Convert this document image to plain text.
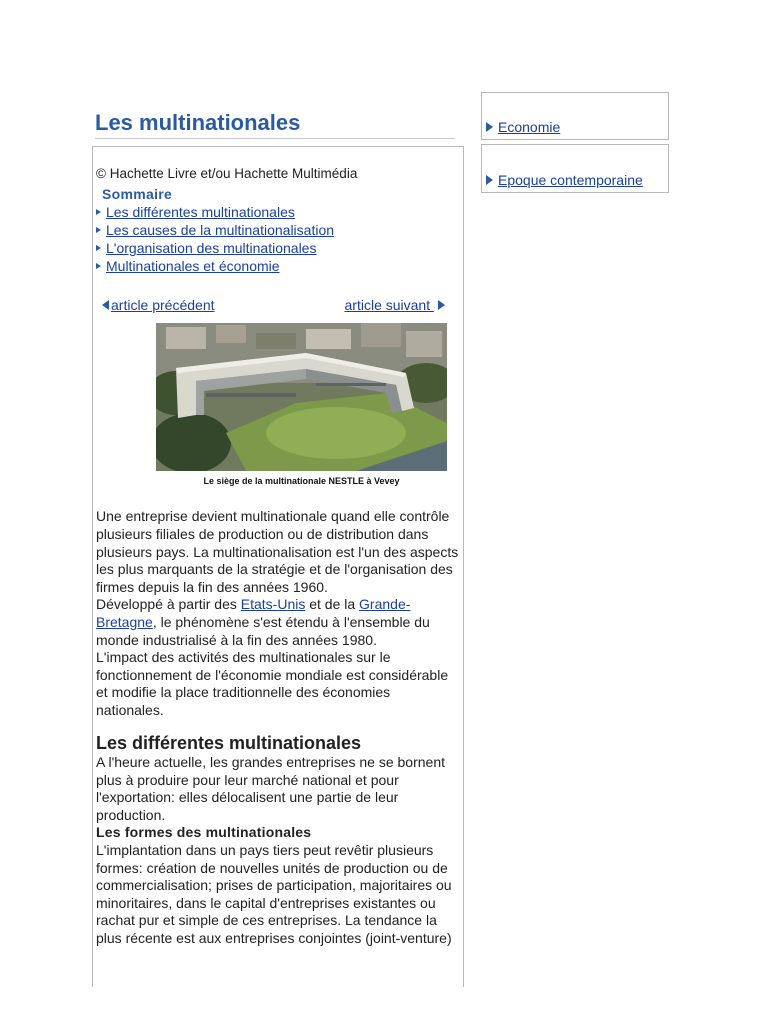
Les multinationales	Economie
Epoque contemporaine
© Hachette Livre et/ou Hachette Multimédia
Sommaire
Les différentes multinationales
Les causes de la multinationalisation
L'organisation des multinationales
Multinationales et économie
article précédent	article suivant
Le siège de la multinationale NESTLE à Vevey

Une entreprise devient multinationale quand elle contrôle plusieurs filiales de production ou de distribution dans plusieurs pays. La multinationalisation est l'un des aspects les plus marquants de la stratégie et de l'organisation des firmes depuis la fin des années 1960.

Développé à partir des Etats-Unis et de la Grande-Bretagne, le phénomène s'est étendu à l'ensemble du monde industrialisé à la fin des années 1980.

L'impact des activités des multinationales sur le fonctionnement de l'économie mondiale est considérable et modifie la place traditionnelle des économies nationales.

Les différentes multinationales

A l'heure actuelle, les grandes entreprises ne se bornent plus à produire pour leur marché national et pour l'exportation: elles délocalisent une partie de leur production.

Les formes des multinationales

L'implantation dans un pays tiers peut revêtir plusieurs formes: création de nouvelles unités de production ou de commercialisation; prises de participation, majoritaires ou minoritaires, dans le capital d'entreprises existantes ou rachat pur et simple de ces entreprises. La tendance la plus récente est aux entreprises conjointes (joint-venture)
